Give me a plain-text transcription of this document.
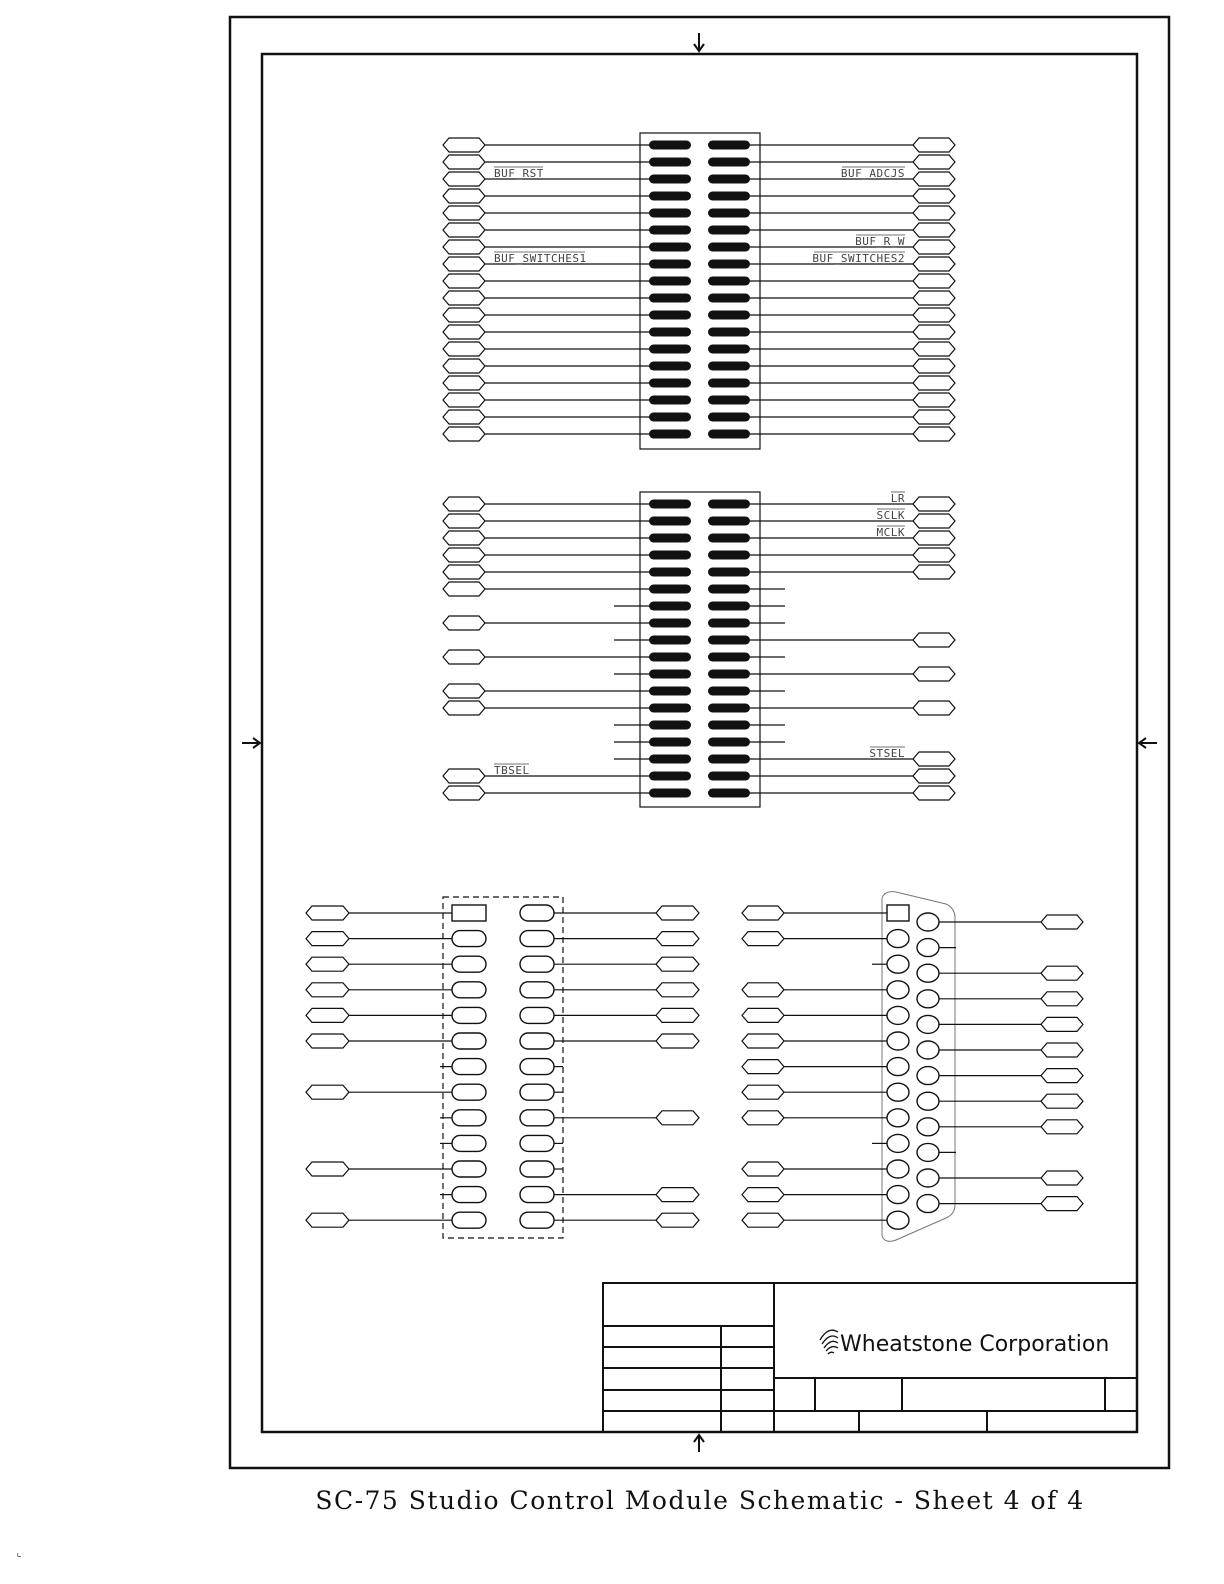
BUF_RST
BUF_SWITCHES1
BUF_ADCJS
BUF_R_W
BUF_SWITCHES2
TBSEL
LR
SCLK
MCLK
STSEL
Wheatstone Corporation
SC-75 Studio Control Module Schematic - Sheet 4 of 4
⌞
